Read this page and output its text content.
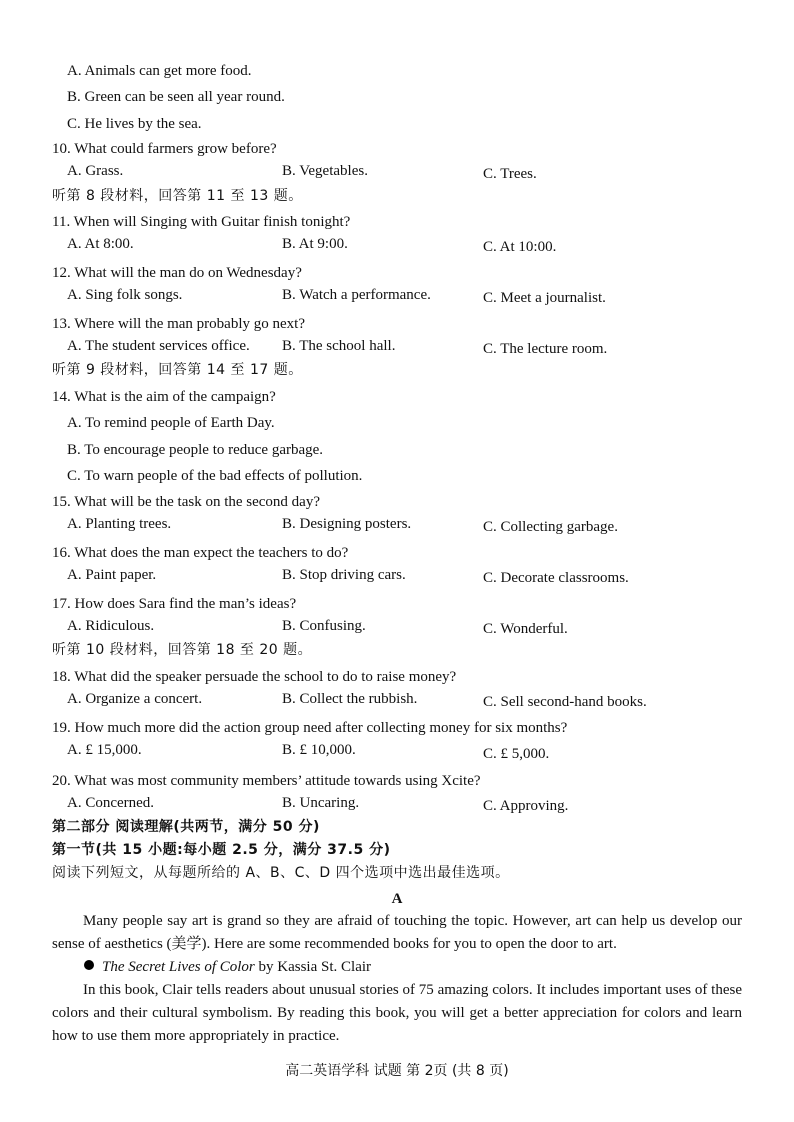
A. Animals can get more food.
B. Green can be seen all year round.
C. He lives by the sea.
10. What could farmers grow before?
A. Grass.	B. Vegetables.	C. Trees.
听第 8 段材料，回答第 11 至 13 题。
11. When will Singing with Guitar finish tonight?
A. At 8:00.	B. At 9:00.	C. At 10:00.
12. What will the man do on Wednesday?
A. Sing folk songs.	B. Watch a performance.	C. Meet a journalist.
13. Where will the man probably go next?
A. The student services office. B. The school hall.	C. The lecture room.
听第 9 段材料，回答第 14 至 17 题。
14. What is the aim of the campaign?
A. To remind people of Earth Day.
B. To encourage people to reduce garbage.
C. To warn people of the bad effects of pollution.
15. What will be the task on the second day?
A. Planting trees.	B. Designing posters.	C. Collecting garbage.
16. What does the man expect the teachers to do?
A. Paint paper.	B. Stop driving cars.	C. Decorate classrooms.
17. How does Sara find the man’s ideas?
A. Ridiculous.	B. Confusing.	C. Wonderful.
听第 10 段材料，回答第 18 至 20 题。
18. What did the speaker persuade the school to do to raise money?
A. Organize a concert.	B. Collect the rubbish.	C. Sell second-hand books.
19. How much more did the action group need after collecting money for six months?
A. £ 15,000.	B. £ 10,000.	C. £ 5,000.
20. What was most community members’ attitude towards using Xcite?
A. Concerned.	B. Uncaring.	C. Approving.
第二部分 阅读理解(共两节，满分 50 分)
第一节(共 15 小题:每小题 2.5 分，满分 37.5 分)
阅读下列短文，从每题所给的 A、B、C、D 四个选项中选出最佳选项。
A

Many people say art is grand so they are afraid of touching the topic. However, art can help us develop our sense of aesthetics (美学). Here are some recommended books for you to open the door to art.

The Secret Lives of Color by Kassia St. Clair

In this book, Clair tells readers about unusual stories of 75 amazing colors. It includes important uses of these colors and their cultural symbolism. By reading this book, you will get a better appreciation for colors and learn how to use them more appropriately in practice.

高二英语学科 试题 第 2页 (共 8 页)
